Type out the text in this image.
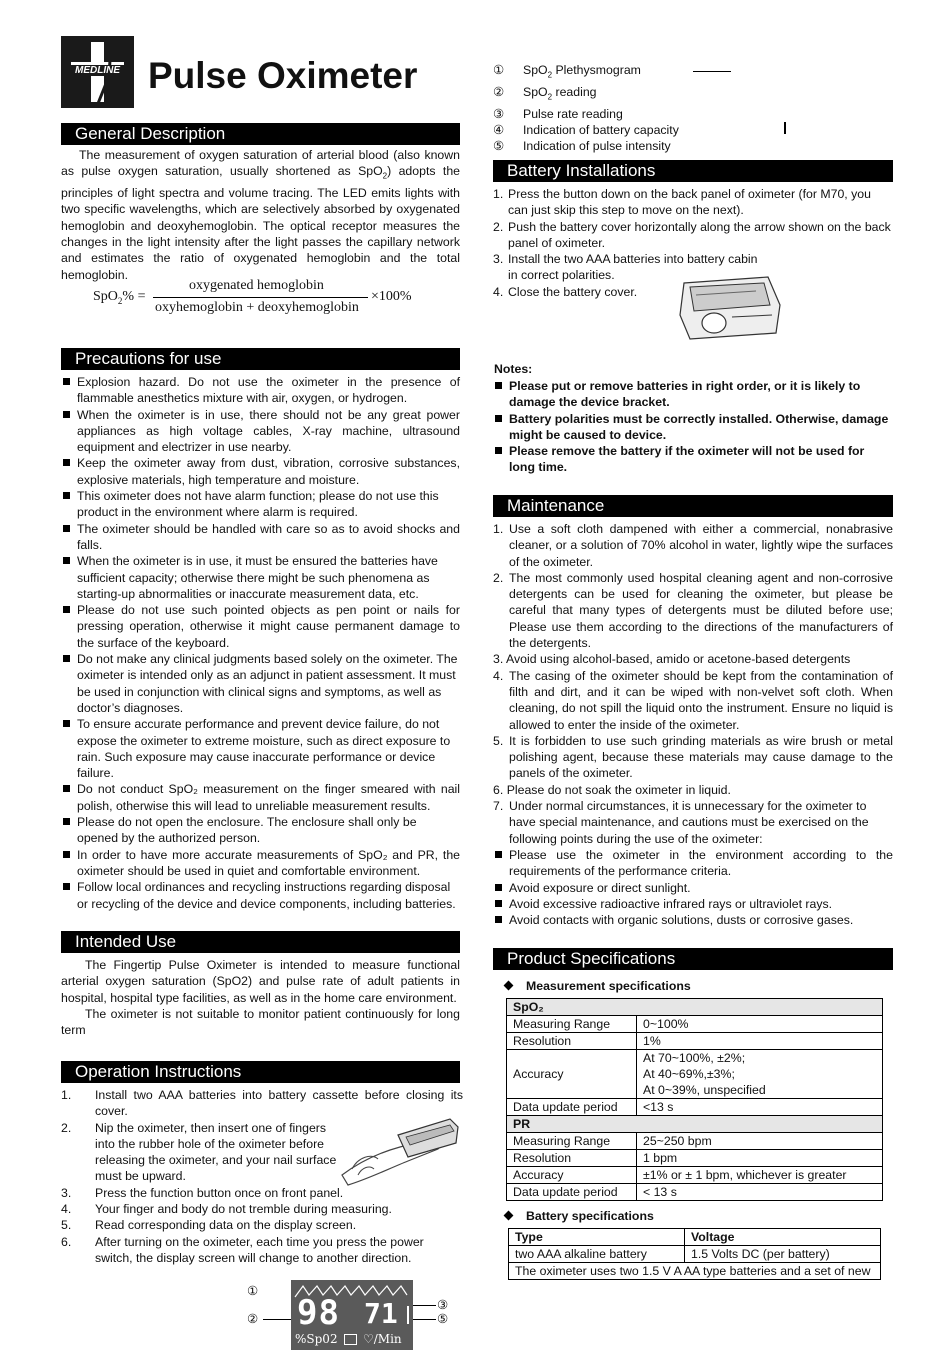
MEDLINE Pulse Oximeter
General Description
The measurement of oxygen saturation of arterial blood (also known as pulse oxygen saturation, usually shortened as SpO$_2$) adopts the principles of light spectra and volume tracing. The LED emits lights with two specific wavelengths, which are selectively absorbed by oxygenated hemoglobin and deoxyhemoglobin. The optical receptor measures the changes in the light intensity after the light passes the capillary network and estimates the ratio of oxygenated hemoglobin and the total hemoglobin.
SpO$_2$% =
oxygenated hemoglobin
oxyhemoglobin + deoxyhemoglobin
×100%
Precautions for use
Explosion hazard. Do not use the oximeter in the presence of flammable anesthetics mixture with air, oxygen, or hydrogen.
When the oximeter is in use, there should not be any great power appliances as high voltage cables, X-ray machine, ultrasound equipment and electrizer in use nearby.
Keep the oximeter away from dust, vibration, corrosive substances, explosive materials, high temperature and moisture.
This oximeter does not have alarm function; please do not use this product in the environment where alarm is required.
The oximeter should be handled with care so as to avoid shocks and falls.
When the oximeter is in use, it must be ensured the batteries have sufficient capacity; otherwise there might be such phenomena as starting-up abnormalities or inaccurate measurement data, etc.
Please do not use such pointed objects as pen point or nails for pressing operation, otherwise it might cause permanent damage to the surface of the keyboard.
Do not make any clinical judgments based solely on the oximeter. The oximeter is intended only as an adjunct in patient assessment. It must be used in conjunction with clinical signs and symptoms, as well as doctor’s diagnoses.
To ensure accurate performance and prevent device failure, do not expose the oximeter to extreme moisture, such as direct exposure to rain. Such exposure may cause inaccurate performance or device failure.
Do not conduct SpO₂ measurement on the finger smeared with nail polish, otherwise this will lead to unreliable measurement results.
Please do not open the enclosure. The enclosure shall only be opened by the authorized person.
In order to have more accurate measurements of SpO₂ and PR, the oximeter should be used in quiet and comfortable environment.
Follow local ordinances and recycling instructions regarding disposal or recycling of the device and device components, including batteries.
Intended Use
The Fingertip Pulse Oximeter is intended to measure functional arterial oxygen saturation (SpO2) and pulse rate of adult patients in hospital, hospital type facilities, as well as in the home care environment.
The oximeter is not suitable to monitor patient continuously for long term
Operation Instructions
1. Install two AAA batteries into battery cassette before closing its cover.
2. Nip the oximeter, then insert one of fingers into the rubber hole of the oximeter before releasing the oximeter, and your nail surface must be upward.
3. Press the function button once on front panel.
4. Your finger and body do not tremble during measuring.
5. Read corresponding data on the display screen.
6. After turning on the oximeter, each time you press the power switch, the display screen will change to another direction.
①
②
③
⑤
98 71
%Sp02 ♡/Min
① SpO$_2$ Plethysmogram
② SpO$_2$ reading
③ Pulse rate reading
④ Indication of battery capacity
⑤ Indication of pulse intensity
Battery Installations
1. Press the button down on the back panel of oximeter (for M70, you can just skip this step to move on the next).
2. Push the battery cover horizontally along the arrow shown on the back panel of oximeter.
3. Install the two AAA batteries into battery cabin in correct polarities.
4. Close the battery cover.
Notes:
Please put or remove batteries in right order, or it is likely to damage the device bracket.
Battery polarities must be correctly installed. Otherwise, damage might be caused to device.
Please remove the battery if the oximeter will not be used for long time.
Maintenance
1. Use a soft cloth dampened with either a commercial, nonabrasive cleaner, or a solution of 70% alcohol in water, lightly wipe the surfaces of the oximeter.
2. The most commonly used hospital cleaning agent and non-corrosive detergents can be used for cleaning the oximeter, but please be careful that many types of detergents must be diluted before use; Please use them according to the directions of the manufacturers of the detergents.
3. Avoid using alcohol-based, amido or acetone-based detergents
4. The casing of the oximeter should be kept from the contamination of filth and dirt, and it can be wiped with non-velvet soft cloth. When cleaning, do not spill the liquid onto the instrument. Ensure no liquid is allowed to enter the inside of the oximeter.
5. It is forbidden to use such grinding materials as wire brush or metal polishing agent, because these materials may cause damage to the panels of the oximeter.
6. Please do not soak the oximeter in liquid.
7. Under normal circumstances, it is unnecessary for the oximeter to have special maintenance, and cautions must be exercised on the following points during the use of the oximeter:
Please use the oximeter in the environment according to the requirements of the performance criteria.
Avoid exposure or direct sunlight.
Avoid excessive radioactive infrared rays or ultraviolet rays.
Avoid contacts with organic solutions, dusts or corrosive gases.
Product Specifications
Measurement specifications
SpO₂	
Measuring Range	0~100%
Resolution	1%
Accuracy	At 70~100%, ±2%;
At 40~69%,±3%;
At 0~39%, unspecified

Data update period	<13 s
PR	
Measuring Range	25~250 bpm
Resolution	1 bpm
Accuracy	±1% or ± 1 bpm, whichever is greater
Data update period	< 13 s
Battery specifications
Type	Voltage
two AAA alkaline battery	1.5 Volts DC (per battery)
The oximeter uses two 1.5 V A AA type batteries and a set of new	
